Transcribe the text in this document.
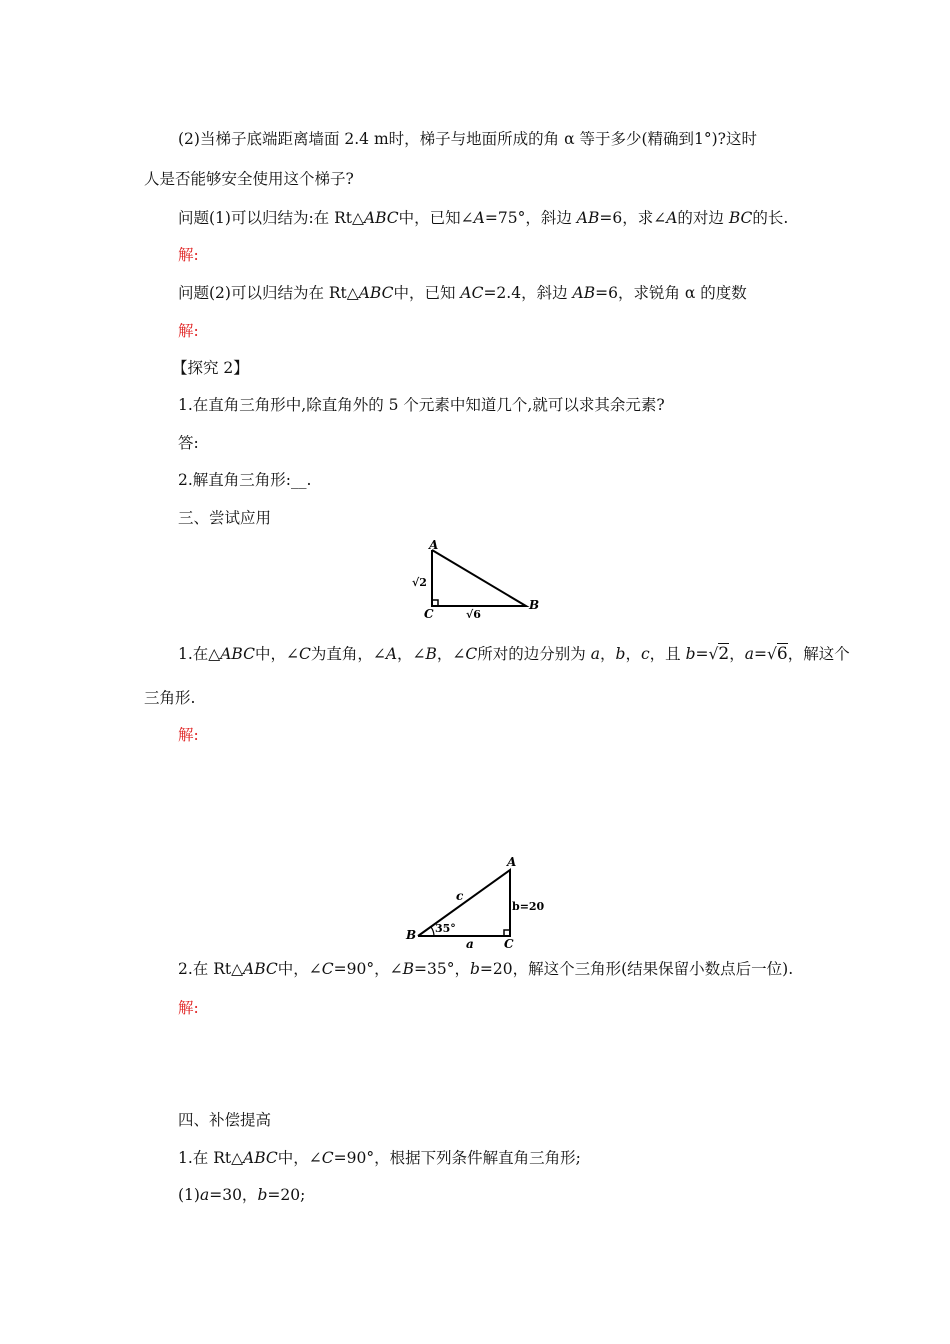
(2)当梯子底端距离墙面 2.4 m时，梯子与地面所成的角 α 等于多少(精确到1°)?这时
人是否能够安全使用这个梯子?
问题(1)可以归结为:在 Rt△ABC中，已知∠A=75°，斜边 AB=6，求∠A的对边 BC的长.
解:
问题(2)可以归结为在 Rt△ABC中，已知 AC=2.4，斜边 AB=6，求锐角 α 的度数
解:
【探究 2】
1.在直角三角形中,除直角外的 5 个元素中知道几个,就可以求其余元素?
答:
2.解直角三角形:__.
三、尝试应用
A
C
B
√2
√6
1.在△ABC中，∠C为直角，∠A，∠B，∠C所对的边分别为 a，b，c，且 b=√2，a=√6，解这个
三角形.
解:
A
B
C
c
a
b=20
35°
2.在 Rt△ABC中，∠C=90°，∠B=35°，b=20，解这个三角形(结果保留小数点后一位).
解:
四、补偿提高
1.在 Rt△ABC中，∠C=90°，根据下列条件解直角三角形;
(1)a=30，b=20;
